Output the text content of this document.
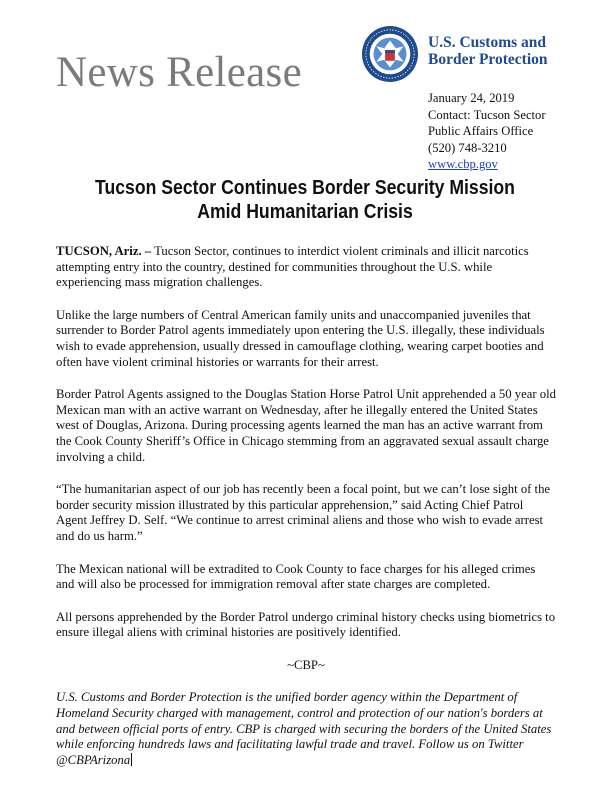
U.S. Customs and
Border Protection
News Release
January 24, 2019
Contact: Tucson Sector
Public Affairs Office
(520) 748-3210
www.cbp.gov
Tucson Sector Continues Border Security Mission
Amid Humanitarian Crisis

TUCSON, Ariz. – Tucson Sector, continues to interdict violent criminals and illicit narcotics attempting entry into the country, destined for communities throughout the U.S. while experiencing mass migration challenges.

Unlike the large numbers of Central American family units and unaccompanied juveniles that surrender to Border Patrol agents immediately upon entering the U.S. illegally, these individuals wish to evade apprehension, usually dressed in camouflage clothing, wearing carpet booties and often have violent criminal histories or warrants for their arrest.

Border Patrol Agents assigned to the Douglas Station Horse Patrol Unit apprehended a 50 year old Mexican man with an active warrant on Wednesday, after he illegally entered the United States west of Douglas, Arizona. During processing agents learned the man has an active warrant from the Cook County Sheriff’s Office in Chicago stemming from an aggravated sexual assault charge involving a child.

“The humanitarian aspect of our job has recently been a focal point, but we can’t lose sight of the border security mission illustrated by this particular apprehension,” said Acting Chief Patrol Agent Jeffrey D. Self. “We continue to arrest criminal aliens and those who wish to evade arrest and do us harm.”

The Mexican national will be extradited to Cook County to face charges for his alleged crimes and will also be processed for immigration removal after state charges are completed.

All persons apprehended by the Border Patrol undergo criminal history checks using biometrics to ensure illegal aliens with criminal histories are positively identified.

~CBP~

U.S. Customs and Border Protection is the unified border agency within the Department of Homeland Security charged with management, control and protection of our nation's borders at and between official ports of entry. CBP is charged with securing the borders of the United States while enforcing hundreds laws and facilitating lawful trade and travel. Follow us on Twitter @CBPArizona
